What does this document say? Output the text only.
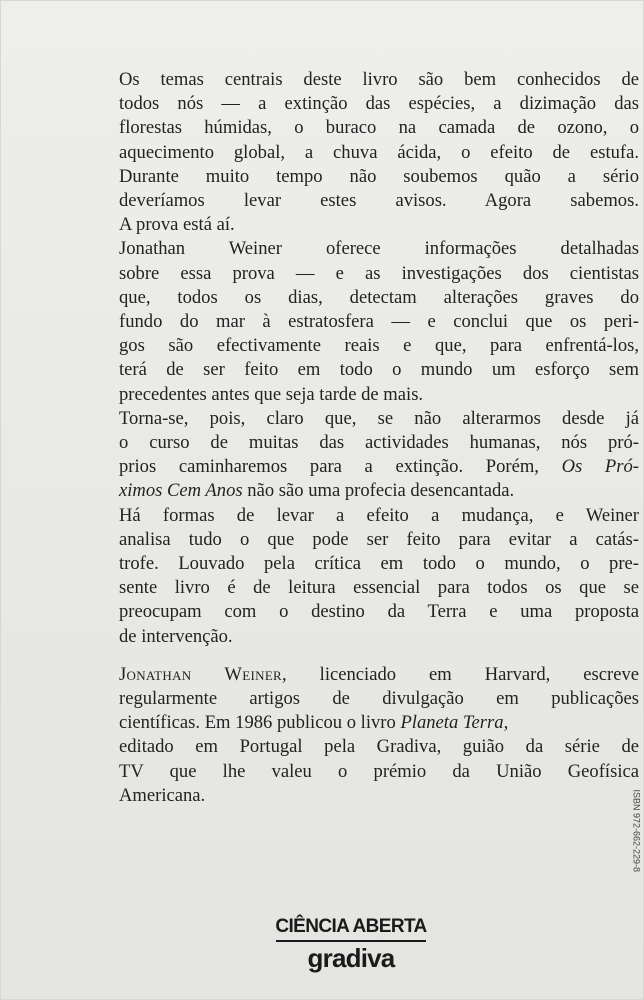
Os temas centrais deste livro são bem conhecidos de
todos nós — a extinção das espécies, a dizimação das
florestas húmidas, o buraco na camada de ozono, o
aquecimento global, a chuva ácida, o efeito de estufa.
Durante muito tempo não soubemos quão a sério
deveríamos levar estes avisos. Agora sabemos.
A prova está aí.
Jonathan Weiner oferece informações detalhadas
sobre essa prova — e as investigações dos cientistas
que, todos os dias, detectam alterações graves do
fundo do mar à estratosfera — e conclui que os peri-
gos são efectivamente reais e que, para enfrentá-los,
terá de ser feito em todo o mundo um esforço sem
precedentes antes que seja tarde de mais.
Torna-se, pois, claro que, se não alterarmos desde já
o curso de muitas das actividades humanas, nós pró-
prios caminharemos para a extinção. Porém, Os Pró-
ximos Cem Anos não são uma profecia desencantada.
Há formas de levar a efeito a mudança, e Weiner
analisa tudo o que pode ser feito para evitar a catás-
trofe. Louvado pela crítica em todo o mundo, o pre-
sente livro é de leitura essencial para todos os que se
preocupam com o destino da Terra e uma proposta
de intervenção.
Jonathan Weiner, licenciado em Harvard, escreve
regularmente artigos de divulgação em publicações
científicas. Em 1986 publicou o livro Planeta Terra,
editado em Portugal pela Gradiva, guião da série de
TV que lhe valeu o prémio da União Geofísica
Americana.
CIÊNCIA ABERTA
gradiva
ISBN 972-662-229-8
